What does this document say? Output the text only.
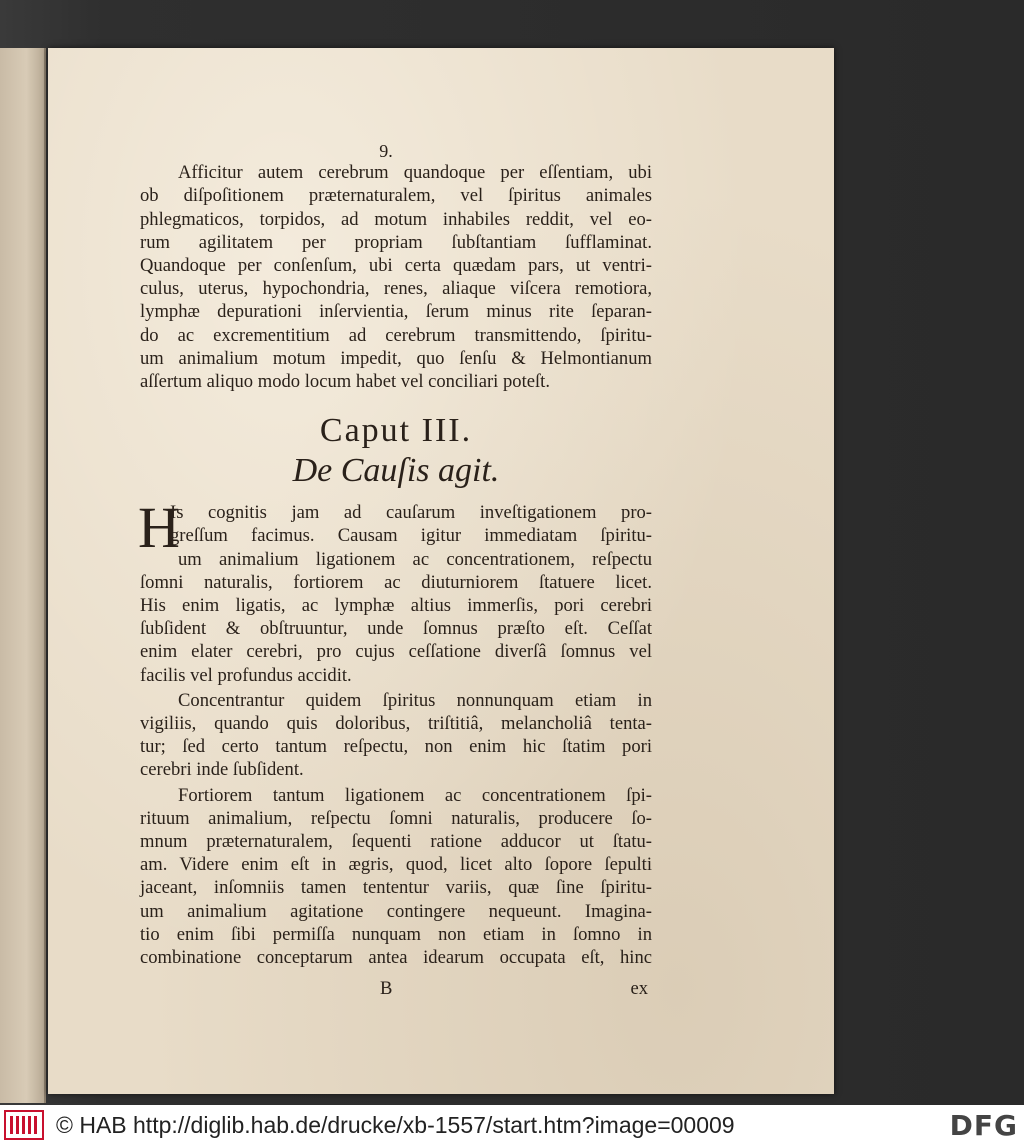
9.
Afficitur autem cerebrum quandoque per eſſentiam, ubi
ob diſpoſitionem præternaturalem, vel ſpiritus animales
phlegmaticos, torpidos, ad motum inhabiles reddit, vel eo-
rum agilitatem per propriam ſubſtantiam ſufflaminat.
Quandoque per conſenſum, ubi certa quædam pars, ut ventri-
culus, uterus, hypochondria, renes, aliaque viſcera remotiora,
lymphæ depurationi inſervientia, ſerum minus rite ſeparan-
do ac excrementitium ad cerebrum transmittendo, ſpiritu-
um animalium motum impedit, quo ſenſu & Helmontianum
aſſertum aliquo modo locum habet vel conciliari poteſt.
Caput III.
De Cauſis agit.
H
Is cognitis jam ad cauſarum inveſtigationem pro-
greſſum facimus. Causam igitur immediatam ſpiritu-
um animalium ligationem ac concentrationem, reſpectu
ſomni naturalis, fortiorem ac diuturniorem ſtatuere licet.
His enim ligatis, ac lymphæ altius immerſis, pori cerebri
ſubſident & obſtruuntur, unde ſomnus præſto eſt. Ceſſat
enim elater cerebri, pro cujus ceſſatione diverſâ ſomnus vel
facilis vel profundus accidit.
Concentrantur quidem ſpiritus nonnunquam etiam in
vigiliis, quando quis doloribus, triſtitiâ, melancholiâ tenta-
tur; ſed certo tantum reſpectu, non enim hic ſtatim pori
cerebri inde ſubſident.
Fortiorem tantum ligationem ac concentrationem ſpi-
rituum animalium, reſpectu ſomni naturalis, producere ſo-
mnum præternaturalem, ſequenti ratione adducor ut ſtatu-
am. Videre enim eſt in ægris, quod, licet alto ſopore ſepulti
jaceant, inſomniis tamen tententur variis, quæ ſine ſpiritu-
um animalium agitatione contingere nequeunt. Imagina-
tio enim ſibi permiſſa nunquam non etiam in ſomno in
combinatione conceptarum antea idearum occupata eſt, hinc
B	ex
© HAB http://diglib.hab.de/drucke/xb-1557/start.htm?image=00009	DFG
